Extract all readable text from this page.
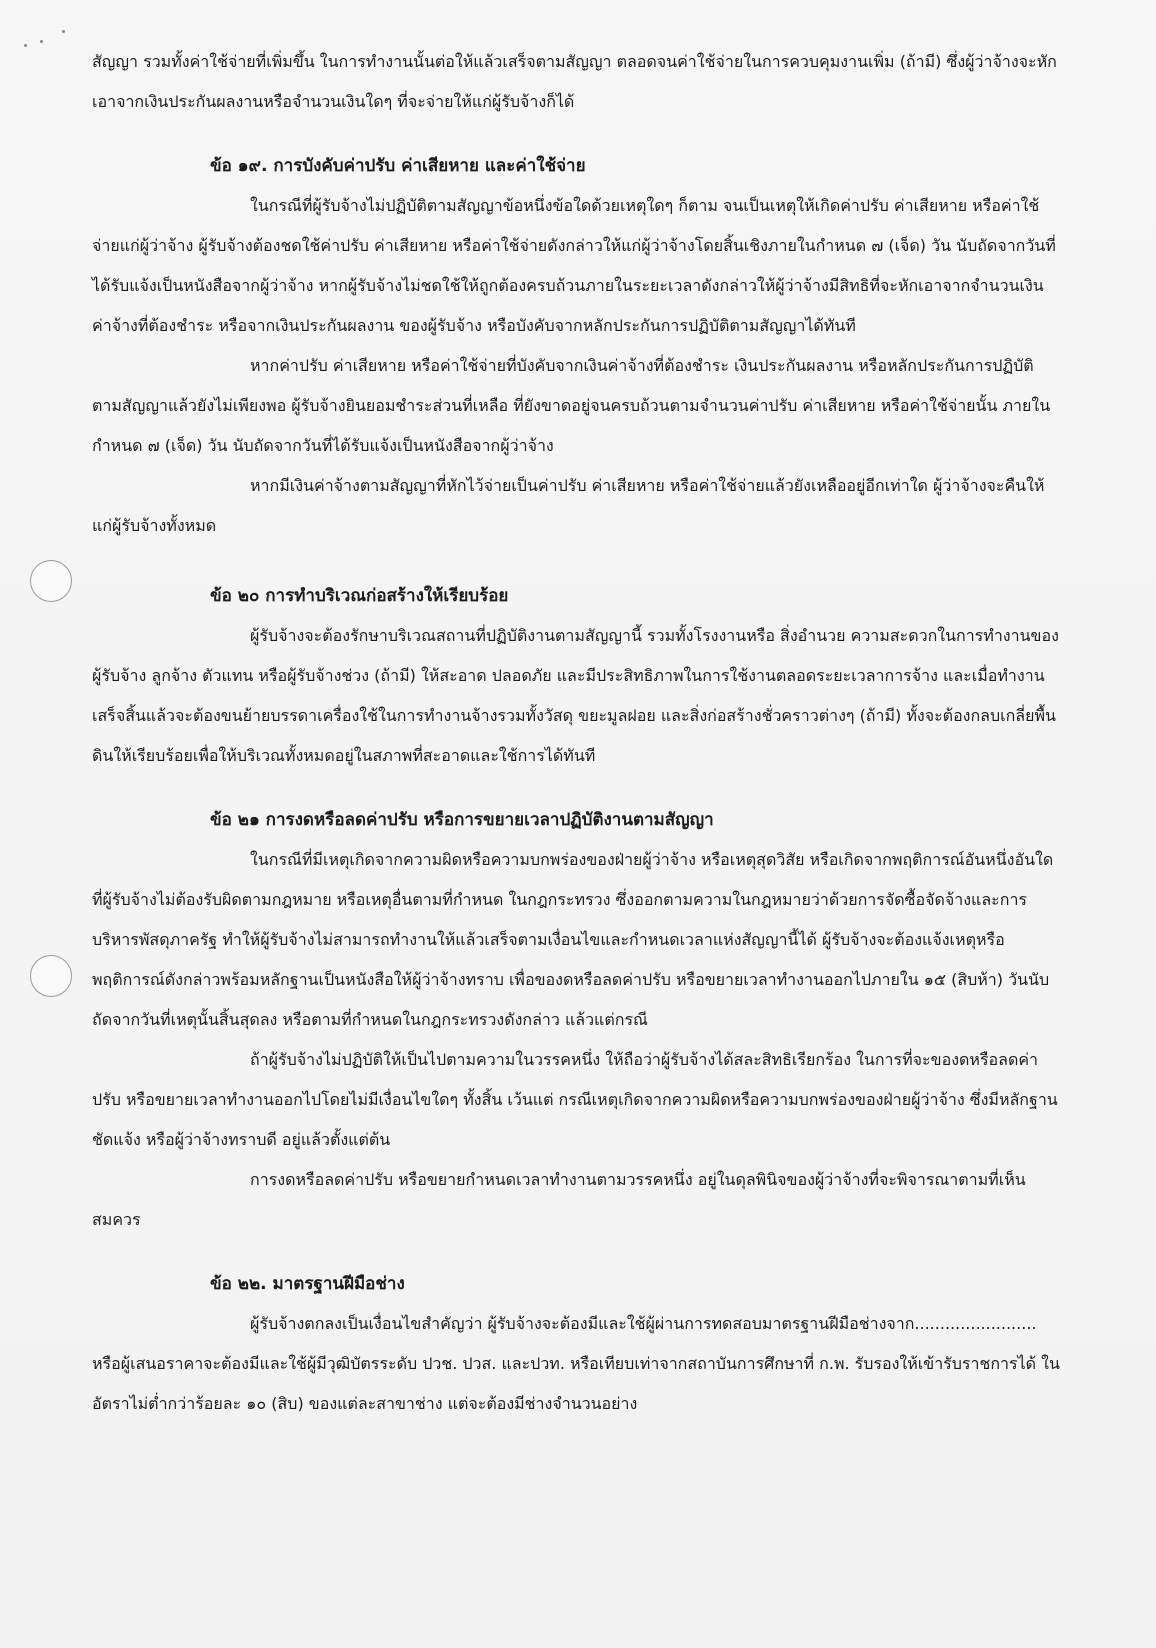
สัญญา รวมทั้งค่าใช้จ่ายที่เพิ่มขึ้น ในการทำงานนั้นต่อให้แล้วเสร็จตามสัญญา ตลอดจนค่าใช้จ่ายในการควบคุมงานเพิ่ม (ถ้ามี) ซึ่งผู้ว่าจ้างจะหัก เอาจากเงินประกันผลงานหรือจำนวนเงินใดๆ ที่จะจ่ายให้แก่ผู้รับจ้างก็ได้

ข้อ ๑๙. การบังคับค่าปรับ ค่าเสียหาย และค่าใช้จ่าย

ในกรณีที่ผู้รับจ้างไม่ปฏิบัติตามสัญญาข้อหนึ่งข้อใดด้วยเหตุใดๆ ก็ตาม จนเป็นเหตุให้เกิดค่าปรับ ค่าเสียหาย หรือค่าใช้จ่ายแก่ผู้ว่าจ้าง ผู้รับจ้างต้องชดใช้ค่าปรับ ค่าเสียหาย หรือค่าใช้จ่ายดังกล่าวให้แก่ผู้ว่าจ้างโดยสิ้นเชิงภายในกำหนด ๗ (เจ็ด) วัน นับถัดจากวันที่ได้รับแจ้งเป็นหนังสือจากผู้ว่าจ้าง หากผู้รับจ้างไม่ชดใช้ให้ถูกต้องครบถ้วนภายในระยะเวลาดังกล่าวให้ผู้ว่าจ้างมีสิทธิที่จะหักเอาจากจำนวนเงินค่าจ้างที่ต้องชำระ หรือจากเงินประกันผลงาน ของผู้รับจ้าง หรือบังคับจากหลักประกันการปฏิบัติตามสัญญาได้ทันที

หากค่าปรับ ค่าเสียหาย หรือค่าใช้จ่ายที่บังคับจากเงินค่าจ้างที่ต้องชำระ เงินประกันผลงาน หรือหลักประกันการปฏิบัติตามสัญญาแล้วยังไม่เพียงพอ ผู้รับจ้างยินยอมชำระส่วนที่เหลือ ที่ยังขาดอยู่จนครบถ้วนตามจำนวนค่าปรับ ค่าเสียหาย หรือค่าใช้จ่ายนั้น ภายในกำหนด ๗ (เจ็ด) วัน นับถัดจากวันที่ได้รับแจ้งเป็นหนังสือจากผู้ว่าจ้าง

หากมีเงินค่าจ้างตามสัญญาที่หักไว้จ่ายเป็นค่าปรับ ค่าเสียหาย หรือค่าใช้จ่ายแล้วยังเหลืออยู่อีกเท่าใด ผู้ว่าจ้างจะคืนให้แก่ผู้รับจ้างทั้งหมด

ข้อ ๒๐ การทำบริเวณก่อสร้างให้เรียบร้อย

ผู้รับจ้างจะต้องรักษาบริเวณสถานที่ปฏิบัติงานตามสัญญานี้ รวมทั้งโรงงานหรือ สิ่งอำนวย ความสะดวกในการทำงานของผู้รับจ้าง ลูกจ้าง ตัวแทน หรือผู้รับจ้างช่วง (ถ้ามี) ให้สะอาด ปลอดภัย และมีประสิทธิภาพในการใช้งานตลอดระยะเวลาการจ้าง และเมื่อทำงานเสร็จสิ้นแล้วจะต้องขนย้ายบรรดาเครื่องใช้ในการทำงานจ้างรวมทั้งวัสดุ ขยะมูลฝอย และสิ่งก่อสร้างชั่วคราวต่างๆ (ถ้ามี) ทั้งจะต้องกลบเกลี่ยพื้นดินให้เรียบร้อยเพื่อให้บริเวณทั้งหมดอยู่ในสภาพที่สะอาดและใช้การได้ทันที

ข้อ ๒๑ การงดหรือลดค่าปรับ หรือการขยายเวลาปฏิบัติงานตามสัญญา

ในกรณีที่มีเหตุเกิดจากความผิดหรือความบกพร่องของฝ่ายผู้ว่าจ้าง หรือเหตุสุดวิสัย หรือเกิดจากพฤติการณ์อันหนึ่งอันใดที่ผู้รับจ้างไม่ต้องรับผิดตามกฎหมาย หรือเหตุอื่นตามที่กำหนด ในกฎกระทรวง ซึ่งออกตามความในกฎหมายว่าด้วยการจัดซื้อจัดจ้างและการบริหารพัสดุภาครัฐ ทำให้ผู้รับจ้างไม่สามารถทำงานให้แล้วเสร็จตามเงื่อนไขและกำหนดเวลาแห่งสัญญานี้ได้ ผู้รับจ้างจะต้องแจ้งเหตุหรือพฤติการณ์ดังกล่าวพร้อมหลักฐานเป็นหนังสือให้ผู้ว่าจ้างทราบ เพื่อของดหรือลดค่าปรับ หรือขยายเวลาทำงานออกไปภายใน ๑๕ (สิบห้า) วันนับถัดจากวันที่เหตุนั้นสิ้นสุดลง หรือตามที่กำหนดในกฎกระทรวงดังกล่าว แล้วแต่กรณี

ถ้าผู้รับจ้างไม่ปฏิบัติให้เป็นไปตามความในวรรคหนึ่ง ให้ถือว่าผู้รับจ้างได้สละสิทธิเรียกร้อง ในการที่จะของดหรือลดค่าปรับ หรือขยายเวลาทำงานออกไปโดยไม่มีเงื่อนไขใดๆ ทั้งสิ้น เว้นแต่ กรณีเหตุเกิดจากความผิดหรือความบกพร่องของฝ่ายผู้ว่าจ้าง ซึ่งมีหลักฐานชัดแจ้ง หรือผู้ว่าจ้างทราบดี อยู่แล้วตั้งแต่ต้น

การงดหรือลดค่าปรับ หรือขยายกำหนดเวลาทำงานตามวรรคหนึ่ง อยู่ในดุลพินิจของผู้ว่าจ้างที่จะพิจารณาตามที่เห็นสมควร

ข้อ ๒๒. มาตรฐานฝีมือช่าง

ผู้รับจ้างตกลงเป็นเงื่อนไขสำคัญว่า ผู้รับจ้างจะต้องมีและใช้ผู้ผ่านการทดสอบมาตรฐานฝีมือช่างจาก........................ หรือผู้เสนอราคาจะต้องมีและใช้ผู้มีวุฒิบัตรระดับ ปวช. ปวส. และปวท. หรือเทียบเท่าจากสถาบันการศึกษาที่ ก.พ. รับรองให้เข้ารับราชการได้ ในอัตราไม่ต่ำกว่าร้อยละ ๑๐ (สิบ) ของแต่ละสาขาช่าง แต่จะต้องมีช่างจำนวนอย่าง
